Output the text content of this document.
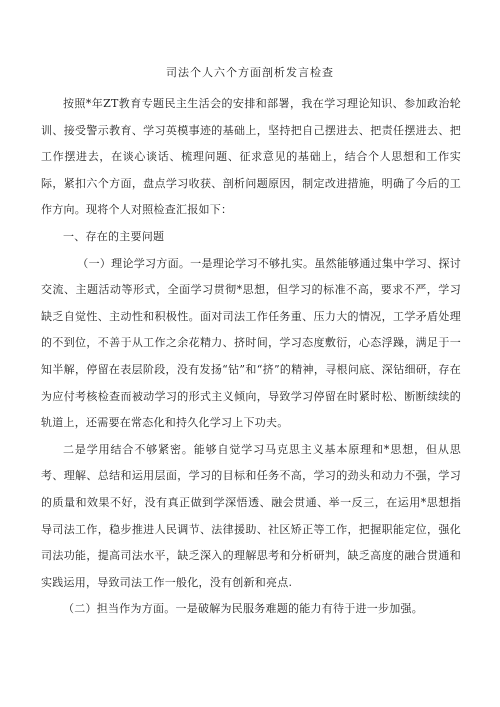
司法个人六个方面剖析发言检查

按照*年ZT教育专题民主生活会的安排和部署，我在学习理论知识、参加政治轮训、接受警示教育、学习英模事迹的基础上，坚持把自己摆进去、把责任摆进去、把工作摆进去，在谈心谈话、梳理问题、征求意见的基础上，结合个人思想和工作实际，紧扣六个方面，盘点学习收获、剖析问题原因，制定改进措施，明确了今后的工作方向。现将个人对照检查汇报如下：

一、存在的主要问题

（一）理论学习方面。一是理论学习不够扎实。虽然能够通过集中学习、探讨交流、主题活动等形式，全面学习贯彻*思想，但学习的标准不高，要求不严，学习缺乏自觉性、主动性和积极性。面对司法工作任务重、压力大的情况，工学矛盾处理的不到位，不善于从工作之余花精力、挤时间，学习态度敷衍，心态浮躁，满足于一知半解，停留在表层阶段，没有发扬“钻”和“挤”的精神，寻根问底、深钻细研，存在为应付考核检查而被动学习的形式主义倾向，导致学习停留在时紧时松、断断续续的轨道上，还需要在常态化和持久化学习上下功夫。

二是学用结合不够紧密。能够自觉学习马克思主义基本原理和*思想，但从思考、理解、总结和运用层面，学习的目标和任务不高，学习的劲头和动力不强，学习的质量和效果不好，没有真正做到学深悟透、融会贯通、举一反三，在运用*思想指导司法工作，稳步推进人民调节、法律援助、社区矫正等工作，把握职能定位，强化司法功能，提高司法水平，缺乏深入的理解思考和分析研判，缺乏高度的融合贯通和实践运用，导致司法工作一般化，没有创新和亮点.

（二）担当作为方面。一是破解为民服务难题的能力有待于进一步加强。
